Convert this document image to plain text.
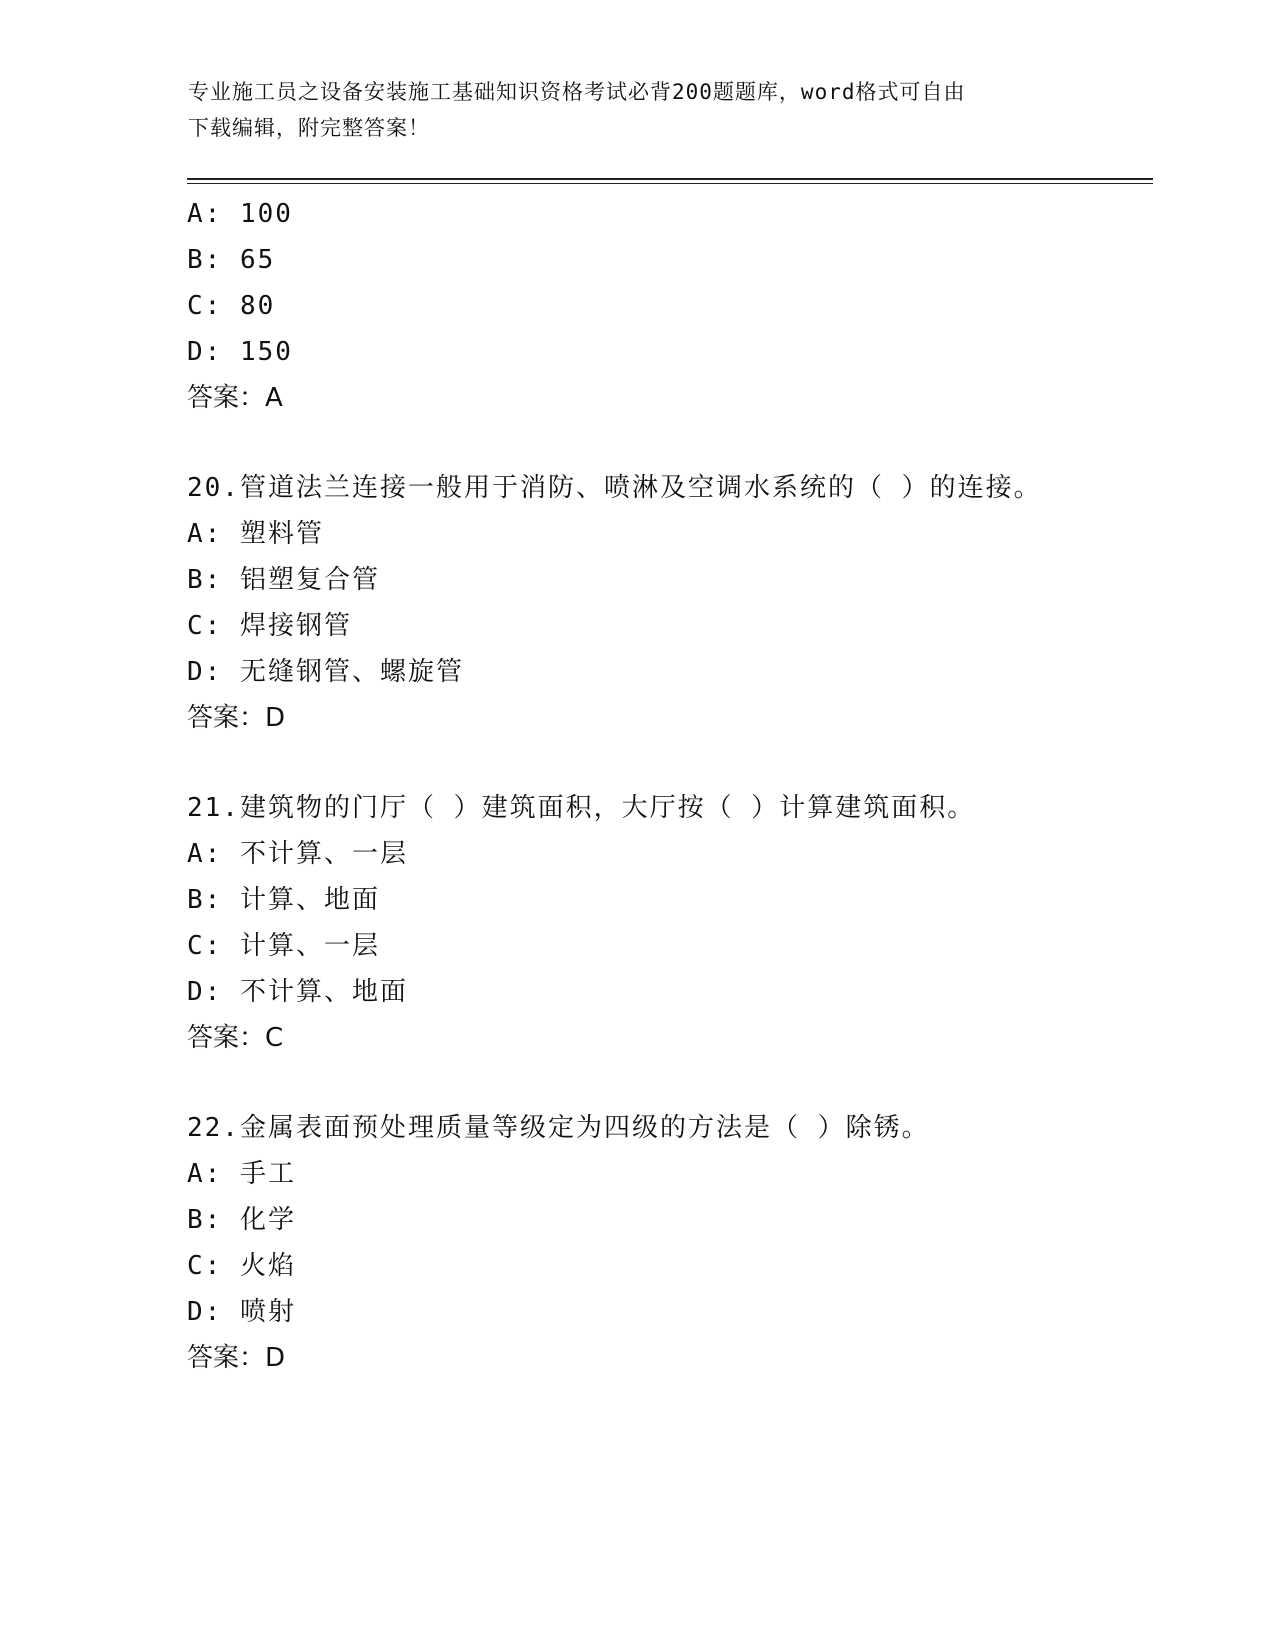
专业施工员之设备安装施工基础知识资格考试必背200题题库，word格式可自由
下载编辑，附完整答案！
A: 100
B: 65
C: 80
D: 150
答案：A
20.管道法兰连接一般用于消防、喷淋及空调水系统的（ ）的连接。
A: 塑料管
B: 铝塑复合管
C: 焊接钢管
D: 无缝钢管、螺旋管
答案：D
21.建筑物的门厅（ ）建筑面积，大厅按（ ）计算建筑面积。
A: 不计算、一层
B: 计算、地面
C: 计算、一层
D: 不计算、地面
答案：C
22.金属表面预处理质量等级定为四级的方法是（ ）除锈。
A: 手工
B: 化学
C: 火焰
D: 喷射
答案：D
